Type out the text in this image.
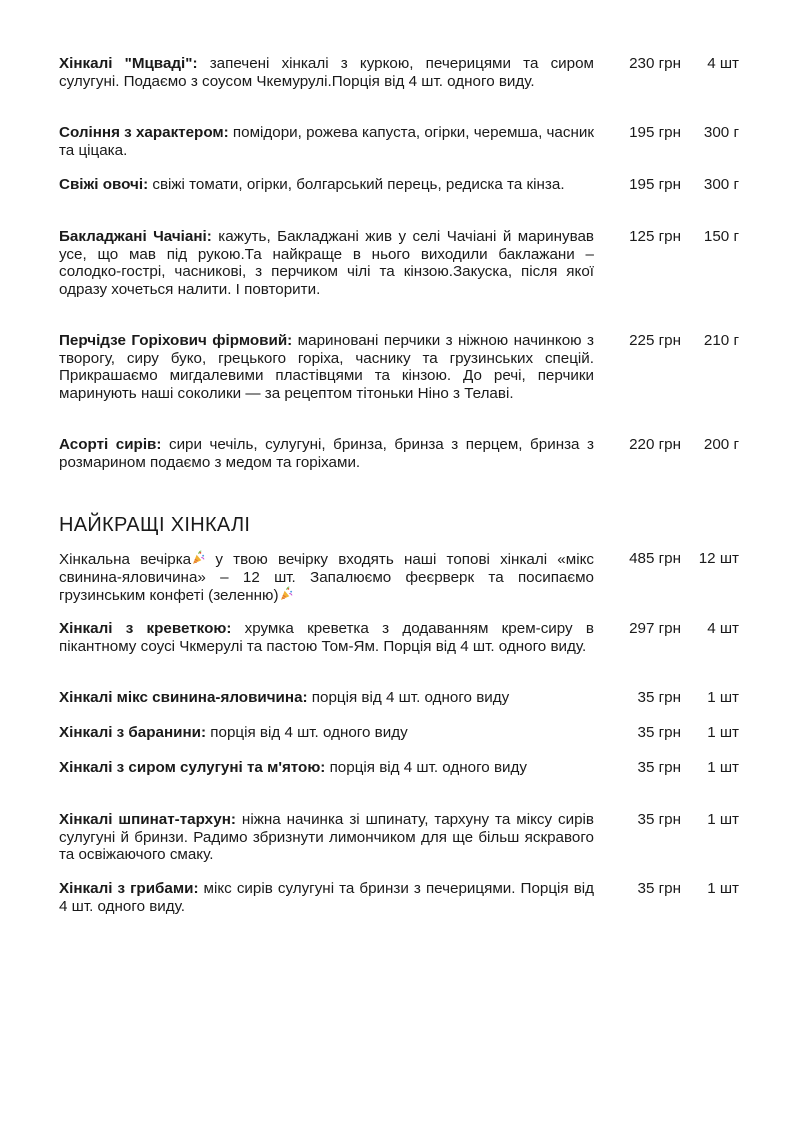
Хінкалі "Мцваді": запечені хінкалі з куркою, печерицями та сиром сулугуні. Подаємо з соусом Чкемурулі.Порція від 4 шт. одного виду.
230 грн	4 шт
Соління з характером: помідори, рожева капуста, огірки, черемша, часник та ціцака.
195 грн	300 г
Свіжі овочі: свіжі томати, огірки, болгарський перець, редиска та кінза.	195 грн	300 г
Бакладжані Чачіані: кажуть, Бакладжані жив у селі Чачіані й маринував усе, що мав під рукою.Та найкраще в нього виходили баклажани – солодко-гострі, часникові, з перчиком чілі та кінзою.Закуска, після якої одразу хочеться налити. І повторити.
125 грн	150 г
Перчідзе Горіхович фірмовий: мариновані перчики з ніжною начинкою з творогу, сиру буко, грецького горіха, часнику та грузинських спецій. Прикрашаємо мигдалевими пластівцями та кінзою. До речі, перчики маринують наші соколики — за рецептом тітоньки Ніно з Телаві.
225 грн	210 г
Асорті сирів: сири чечіль, сулугуні, бринза, бринза з перцем, бринза з розмарином подаємо з медом та горіхами.
220 грн	200 г
НАЙКРАЩІ ХІНКАЛІ
Хінкальна вечірка у твою вечірку входять наші топові хінкалі «мікс свинина-яловичина» – 12 шт. Запалюємо феєрверк та посипаємо грузинським конфеті (зеленню)
485 грн	12 шт
Хінкалі з креветкою: хрумка креветка з додаванням крем-сиру в пікантному соусі Чкмерулі та пастою Том-Ям. Порція від 4 шт. одного виду.
297 грн	4 шт
Хінкалі мікс свинина-яловичина: порція від 4 шт. одного виду	35 грн	1 шт
Хінкалі з баранини: порція від 4 шт. одного виду	35 грн	1 шт
Хінкалі з сиром сулугуні та м'ятою: порція від 4 шт. одного виду	35 грн	1 шт
Хінкалі шпинат-тархун: ніжна начинка зі шпинату, тархуну та міксу сирів сулугуні й бринзи. Радимо збризнути лимончиком для ще більш яскравого та освіжаючого смаку.
35 грн	1 шт
Хінкалі з грибами: мікс сирів сулугуні та бринзи з печерицями. Порція від 4 шт. одного виду.
35 грн	1 шт
